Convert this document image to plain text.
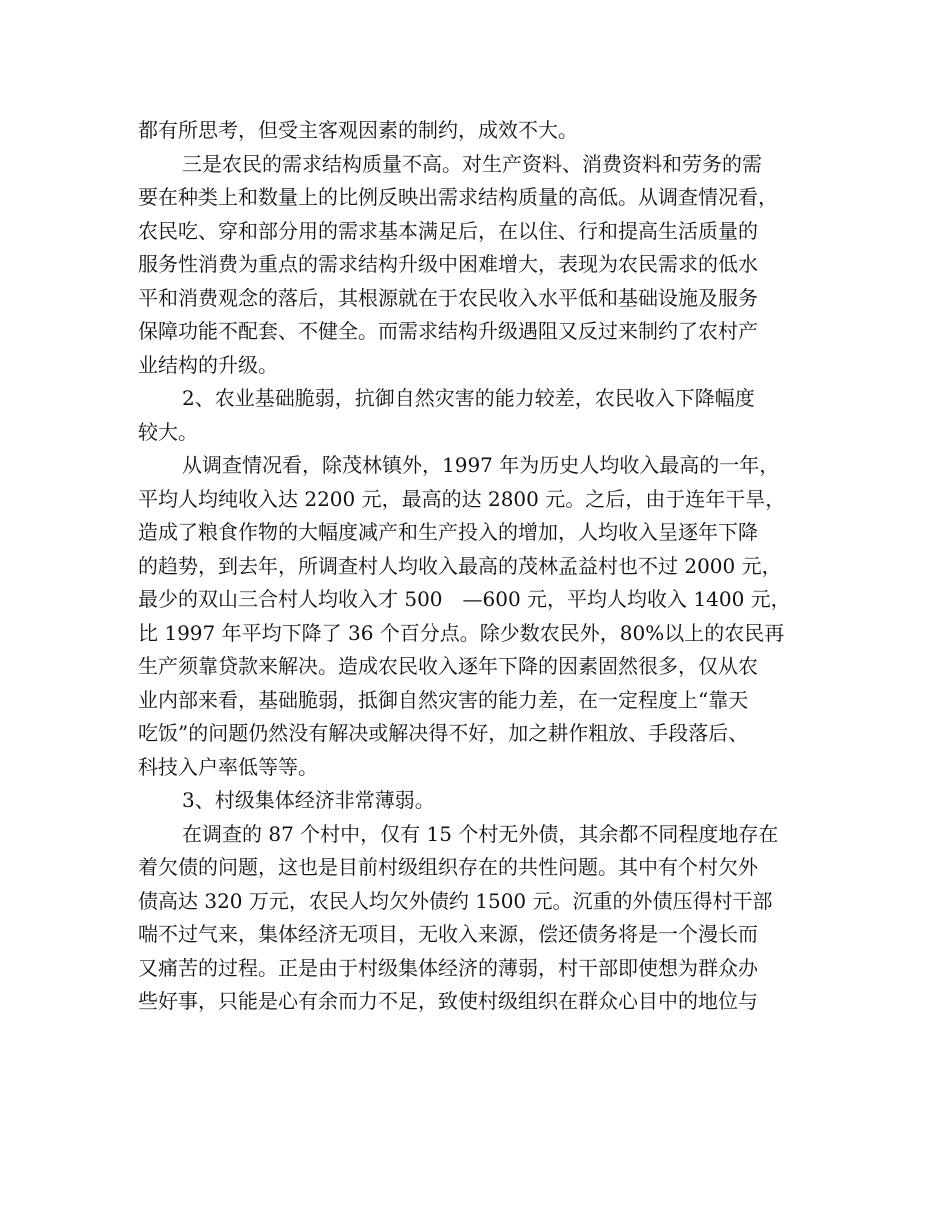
都有所思考，但受主客观因素的制约，成效不大。
三是农民的需求结构质量不高。对生产资料、消费资料和劳务的需
要在种类上和数量上的比例反映出需求结构质量的高低。从调查情况看，
农民吃、穿和部分用的需求基本满足后，在以住、行和提高生活质量的
服务性消费为重点的需求结构升级中困难增大，表现为农民需求的低水
平和消费观念的落后，其根源就在于农民收入水平低和基础设施及服务
保障功能不配套、不健全。而需求结构升级遇阻又反过来制约了农村产
业结构的升级。
2、农业基础脆弱，抗御自然灾害的能力较差，农民收入下降幅度
较大。
从调查情况看，除茂林镇外，1997 年为历史人均收入最高的一年，
平均人均纯收入达 2200 元，最高的达 2800 元。之后，由于连年干旱，
造成了粮食作物的大幅度减产和生产投入的增加，人均收入呈逐年下降
的趋势，到去年，所调查村人均收入最高的茂林孟益村也不过 2000 元，
最少的双山三合村人均收入才 500　—600 元，平均人均收入 1400 元，
比 1997 年平均下降了 36 个百分点。除少数农民外，80%以上的农民再
生产须靠贷款来解决。造成农民收入逐年下降的因素固然很多，仅从农
业内部来看，基础脆弱，抵御自然灾害的能力差，在一定程度上“靠天
吃饭”的问题仍然没有解决或解决得不好，加之耕作粗放、手段落后、
科技入户率低等等。
3、村级集体经济非常薄弱。
在调查的 87 个村中，仅有 15 个村无外债，其余都不同程度地存在
着欠债的问题，这也是目前村级组织存在的共性问题。其中有个村欠外
债高达 320 万元，农民人均欠外债约 1500 元。沉重的外债压得村干部
喘不过气来，集体经济无项目，无收入来源，偿还债务将是一个漫长而
又痛苦的过程。正是由于村级集体经济的薄弱，村干部即使想为群众办
些好事，只能是心有余而力不足，致使村级组织在群众心目中的地位与
